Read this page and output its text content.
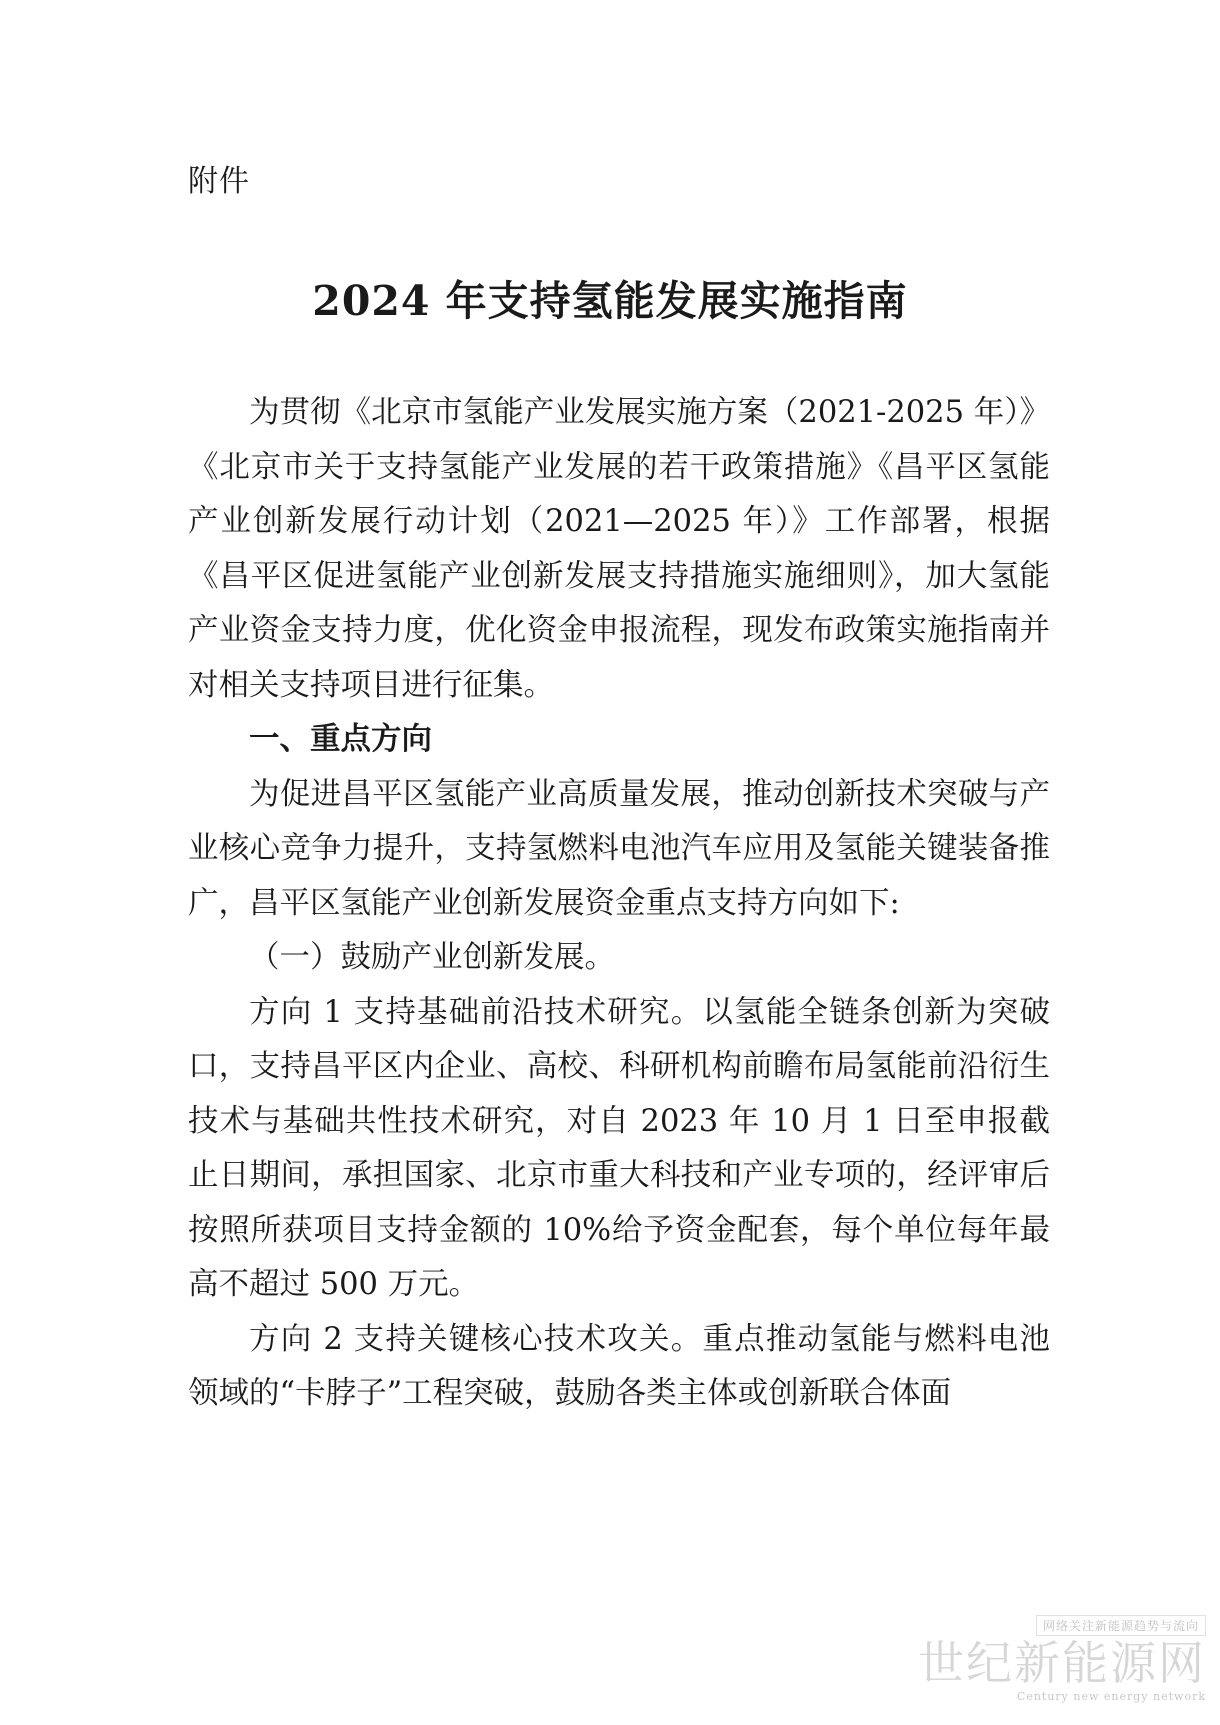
附件
2024 年支持氢能发展实施指南

为贯彻《北京市氢能产业发展实施方案（2021-2025 年）》《北京市关于支持氢能产业发展的若干政策措施》《昌平区氢能产业创新发展行动计划（2021—2025 年）》工作部署，根据《昌平区促进氢能产业创新发展支持措施实施细则》，加大氢能产业资金支持力度，优化资金申报流程，现发布政策实施指南并对相关支持项目进行征集。

一、重点方向

为促进昌平区氢能产业高质量发展，推动创新技术突破与产业核心竞争力提升，支持氢燃料电池汽车应用及氢能关键装备推广，昌平区氢能产业创新发展资金重点支持方向如下:

（一）鼓励产业创新发展。

方向 1 支持基础前沿技术研究。以氢能全链条创新为突破口，支持昌平区内企业、高校、科研机构前瞻布局氢能前沿衍生技术与基础共性技术研究，对自 2023 年 10 月 1 日至申报截止日期间，承担国家、北京市重大科技和产业专项的，经评审后按照所获项目支持金额的 10%给予资金配套，每个单位每年最高不超过 500 万元。

方向 2 支持关键核心技术攻关。重点推动氢能与燃料电池领域的“卡脖子”工程突破，鼓励各类主体或创新联合体面

网络关注新能源趋势与流向
世纪新能源网
Century new energy network
